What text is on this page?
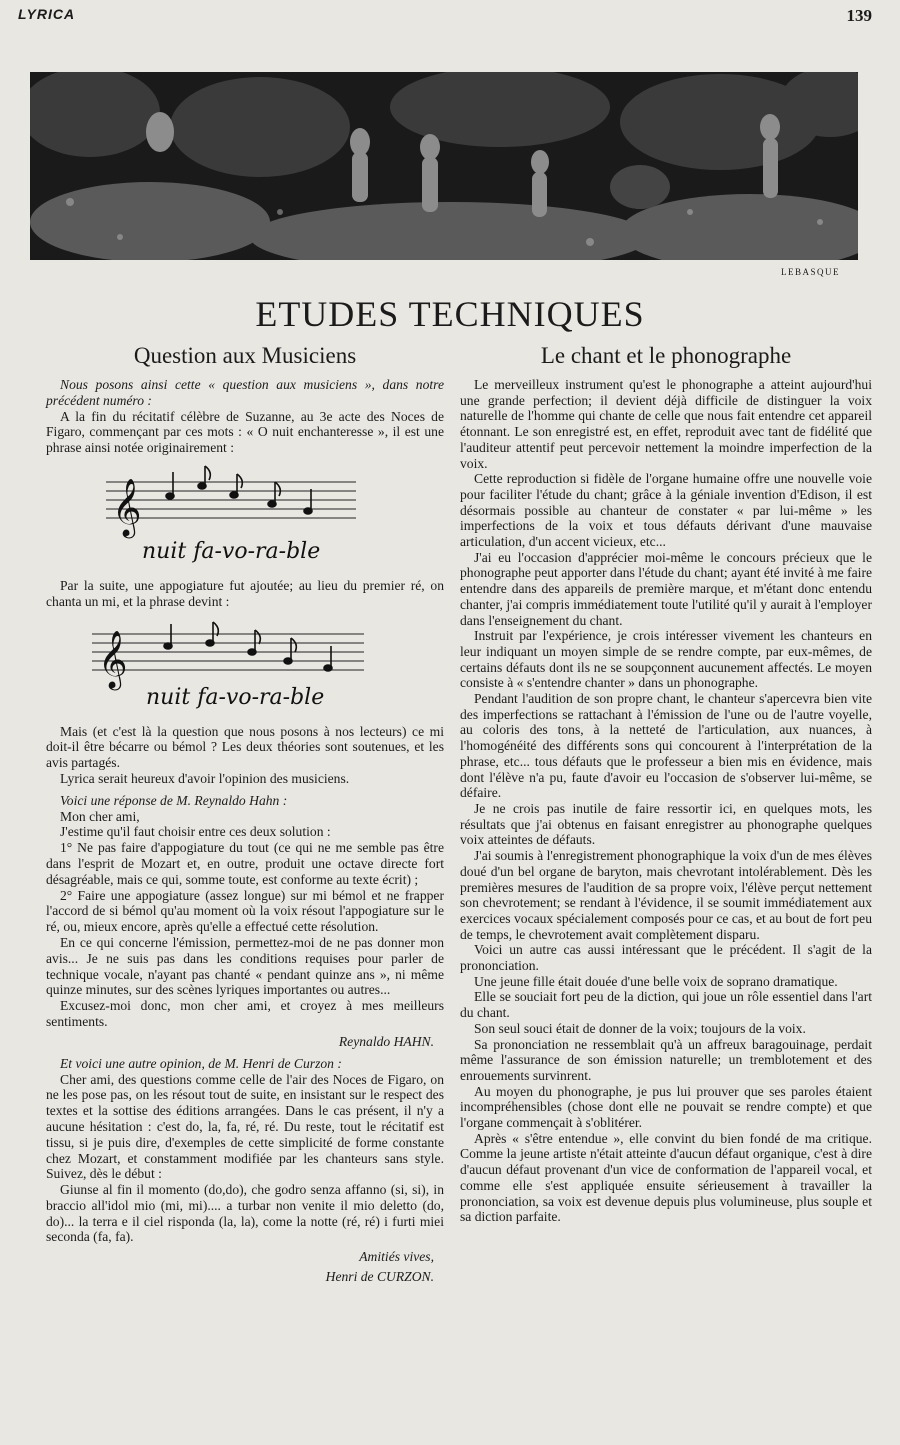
LYRICA	139
LEBASQUE
ETUDES TECHNIQUES
Question aux Musiciens

Nous posons ainsi cette « question aux musiciens », dans notre précédent numéro :

A la fin du récitatif célèbre de Suzanne, au 3e acte des Noces de Figaro, commençant par ces mots : « O nuit enchanteresse », il est une phrase ainsi notée originairement :

𝄞
nuit fa-vo-ra-ble

Par la suite, une appogiature fut ajoutée; au lieu du premier ré, on chanta un mi, et la phrase devint :

𝄞
nuit fa-vo-ra-ble

Mais (et c'est là la question que nous posons à nos lecteurs) ce mi doit-il être bécarre ou bémol ? Les deux théories sont soutenues, et les avis partagés.

Lyrica serait heureux d'avoir l'opinion des musiciens.

Voici une réponse de M. Reynaldo Hahn :

Mon cher ami,

J'estime qu'il faut choisir entre ces deux solution :

1° Ne pas faire d'appogiature du tout (ce qui ne me semble pas être dans l'esprit de Mozart et, en outre, produit une octave directe fort désagréable, mais ce qui, somme toute, est conforme au texte écrit) ;

2° Faire une appogiature (assez longue) sur mi bémol et ne frapper l'accord de si bémol qu'au moment où la voix résout l'appogiature sur le ré, ou, mieux encore, après qu'elle a effectué cette résolution.

En ce qui concerne l'émission, permettez-moi de ne pas donner mon avis... Je ne suis pas dans les conditions requises pour parler de technique vocale, n'ayant pas chanté « pendant quinze ans », ni même quinze minutes, sur des scènes lyriques importantes ou autres...

Excusez-moi donc, mon cher ami, et croyez à mes meilleurs sentiments.

Reynaldo HAHN.

Et voici une autre opinion, de M. Henri de Curzon :

Cher ami, des questions comme celle de l'air des Noces de Figaro, on ne les pose pas, on les résout tout de suite, en insistant sur le respect des textes et la sottise des éditions arrangées. Dans le cas présent, il n'y a aucune hésitation : c'est do, la, fa, ré, ré. Du reste, tout le récitatif est tissu, si je puis dire, d'exemples de cette simplicité de forme constante chez Mozart, et constamment modifiée par les chanteurs sans style. Suivez, dès le début :

Giunse al fin il momento (do,do), che godro senza affanno (si, si), in braccio all'idol mio (mi, mi).... a turbar non venite il mio deletto (do, do)... la terra e il ciel risponda (la, la), come la notte (ré, ré) i furti miei seconda (fa, fa).

Amitiés vives,
Henri de CURZON.
Le chant et le phonographe

Le merveilleux instrument qu'est le phonographe a atteint aujourd'hui une grande perfection; il devient déjà difficile de distinguer la voix naturelle de l'homme qui chante de celle que nous fait entendre cet appareil étonnant. Le son enregistré est, en effet, reproduit avec tant de fidélité que l'auditeur attentif peut percevoir nettement la moindre imperfection de la voix.

Cette reproduction si fidèle de l'organe humaine offre une nouvelle voie pour faciliter l'étude du chant; grâce à la géniale invention d'Edison, il est désormais possible au chanteur de constater « par lui-même » les imperfections de la voix et tous défauts dérivant d'une mauvaise articulation, d'un accent vicieux, etc...

J'ai eu l'occasion d'apprécier moi-même le concours précieux que le phonographe peut apporter dans l'étude du chant; ayant été invité à me faire entendre dans des appareils de première marque, et m'étant donc entendu chanter, j'ai compris immédiatement toute l'utilité qu'il y aurait à l'employer dans l'enseignement du chant.

Instruit par l'expérience, je crois intéresser vivement les chanteurs en leur indiquant un moyen simple de se rendre compte, par eux-mêmes, de certains défauts dont ils ne se soupçonnent aucunement affectés. Le moyen consiste à « s'entendre chanter » dans un phonographe.

Pendant l'audition de son propre chant, le chanteur s'apercevra bien vite des imperfections se rattachant à l'émission de l'une ou de l'autre voyelle, au coloris des tons, à la netteté de l'articulation, aux nuances, à l'homogénéité des différents sons qui concourent à l'interprétation de la phrase, etc... tous défauts que le professeur a bien mis en évidence, mais dont l'élève n'a pu, faute d'avoir eu l'occasion de s'observer lui-même, se défaire.

Je ne crois pas inutile de faire ressortir ici, en quelques mots, les résultats que j'ai obtenus en faisant enregistrer au phonographe quelques voix atteintes de défauts.

J'ai soumis à l'enregistrement phonographique la voix d'un de mes élèves doué d'un bel organe de baryton, mais chevrotant intolérablement. Dès les premières mesures de l'audition de sa propre voix, l'élève perçut nettement son chevrotement; se rendant à l'évidence, il se soumit immédiatement aux exercices vocaux spécialement composés pour ce cas, et au bout de fort peu de temps, le chevrotement avait complètement disparu.

Voici un autre cas aussi intéressant que le précédent. Il s'agit de la prononciation.

Une jeune fille était douée d'une belle voix de soprano dramatique.

Elle se souciait fort peu de la diction, qui joue un rôle essentiel dans l'art du chant.

Son seul souci était de donner de la voix; toujours de la voix.

Sa prononciation ne ressemblait qu'à un affreux baragouinage, perdait même l'assurance de son émission naturelle; un tremblotement et des enrouements survinrent.

Au moyen du phonographe, je pus lui prouver que ses paroles étaient incompréhensibles (chose dont elle ne pouvait se rendre compte) et que l'organe commençait à s'oblitérer.

Après « s'être entendue », elle convint du bien fondé de ma critique. Comme la jeune artiste n'était atteinte d'aucun défaut organique, c'est à dire d'aucun défaut provenant d'un vice de conformation de l'appareil vocal, et comme elle s'est appliquée ensuite sérieusement à travailler la prononciation, sa voix est devenue depuis plus volumineuse, plus souple et sa diction parfaite.
